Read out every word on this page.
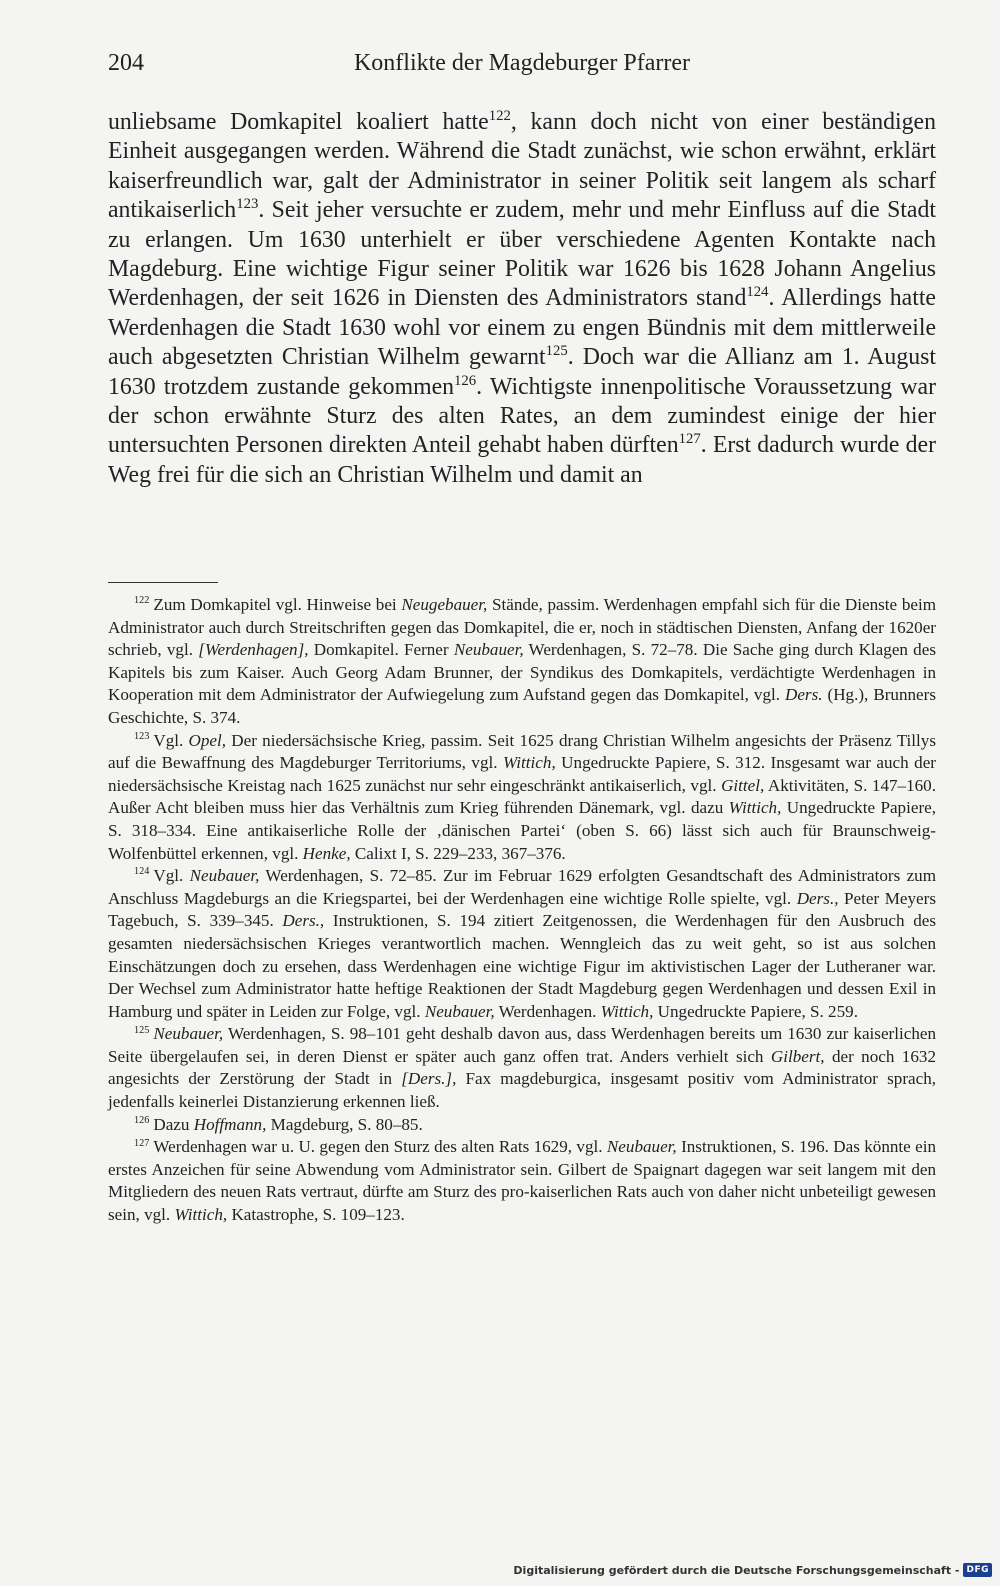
204	Konflikte der Magdeburger Pfarrer

unliebsame Domkapitel koaliert hatte$^{122}$, kann doch nicht von einer beständigen Einheit ausgegangen werden. Während die Stadt zunächst, wie schon erwähnt, erklärt kaiserfreundlich war, galt der Administrator in seiner Politik seit langem als scharf antikaiserlich$^{123}$. Seit jeher versuchte er zudem, mehr und mehr Einfluss auf die Stadt zu erlangen. Um 1630 unterhielt er über verschiedene Agenten Kontakte nach Magdeburg. Eine wichtige Figur seiner Politik war 1626 bis 1628 Johann Angelius Werdenhagen, der seit 1626 in Diensten des Administrators stand$^{124}$. Allerdings hatte Werdenhagen die Stadt 1630 wohl vor einem zu engen Bündnis mit dem mittlerweile auch abgesetzten Christian Wilhelm gewarnt$^{125}$. Doch war die Allianz am 1. August 1630 trotzdem zustande gekommen$^{126}$. Wichtigste innenpolitische Voraussetzung war der schon erwähnte Sturz des alten Rates, an dem zumindest einige der hier untersuchten Personen direkten Anteil gehabt haben dürften$^{127}$. Erst dadurch wurde der Weg frei für die sich an Christian Wilhelm und damit an

$^{122}$ Zum Domkapitel vgl. Hinweise bei Neugebauer, Stände, passim. Werdenhagen empfahl sich für die Dienste beim Administrator auch durch Streitschriften gegen das Domkapitel, die er, noch in städtischen Diensten, Anfang der 1620er schrieb, vgl. [Werdenhagen], Domkapitel. Ferner Neubauer, Werdenhagen, S. 72–78. Die Sache ging durch Klagen des Kapitels bis zum Kaiser. Auch Georg Adam Brunner, der Syndikus des Domkapitels, verdächtigte Werdenhagen in Kooperation mit dem Administrator der Aufwiegelung zum Aufstand gegen das Domkapitel, vgl. Ders. (Hg.), Brunners Geschichte, S. 374.

$^{123}$ Vgl. Opel, Der niedersächsische Krieg, passim. Seit 1625 drang Christian Wilhelm angesichts der Präsenz Tillys auf die Bewaffnung des Magdeburger Territoriums, vgl. Wittich, Ungedruckte Papiere, S. 312. Insgesamt war auch der niedersächsische Kreistag nach 1625 zunächst nur sehr eingeschränkt antikaiserlich, vgl. Gittel, Aktivitäten, S. 147–160. Außer Acht bleiben muss hier das Verhältnis zum Krieg führenden Dänemark, vgl. dazu Wittich, Ungedruckte Papiere, S. 318–334. Eine antikaiserliche Rolle der ‚dänischen Partei‘ (oben S. 66) lässt sich auch für Braunschweig-Wolfenbüttel erkennen, vgl. Henke, Calixt I, S. 229–233, 367–376.

$^{124}$ Vgl. Neubauer, Werdenhagen, S. 72–85. Zur im Februar 1629 erfolgten Gesandtschaft des Administrators zum Anschluss Magdeburgs an die Kriegspartei, bei der Werdenhagen eine wichtige Rolle spielte, vgl. Ders., Peter Meyers Tagebuch, S. 339–345. Ders., Instruktionen, S. 194 zitiert Zeitgenossen, die Werdenhagen für den Ausbruch des gesamten niedersächsischen Krieges verantwortlich machen. Wenngleich das zu weit geht, so ist aus solchen Einschätzungen doch zu ersehen, dass Werdenhagen eine wichtige Figur im aktivistischen Lager der Lutheraner war. Der Wechsel zum Administrator hatte heftige Reaktionen der Stadt Magdeburg gegen Werdenhagen und dessen Exil in Hamburg und später in Leiden zur Folge, vgl. Neubauer, Werdenhagen. Wittich, Ungedruckte Papiere, S. 259.

$^{125}$ Neubauer, Werdenhagen, S. 98–101 geht deshalb davon aus, dass Werdenhagen bereits um 1630 zur kaiserlichen Seite übergelaufen sei, in deren Dienst er später auch ganz offen trat. Anders verhielt sich Gilbert, der noch 1632 angesichts der Zerstörung der Stadt in [Ders.], Fax magdeburgica, insgesamt positiv vom Administrator sprach, jedenfalls keinerlei Distanzierung erkennen ließ.

$^{126}$ Dazu Hoffmann, Magdeburg, S. 80–85.

$^{127}$ Werdenhagen war u. U. gegen den Sturz des alten Rats 1629, vgl. Neubauer, Instruktionen, S. 196. Das könnte ein erstes Anzeichen für seine Abwendung vom Administrator sein. Gilbert de Spaignart dagegen war seit langem mit den Mitgliedern des neuen Rats vertraut, dürfte am Sturz des pro-kaiserlichen Rats auch von daher nicht unbeteiligt gewesen sein, vgl. Wittich, Katastrophe, S. 109–123.

Digitalisierung gefördert durch die Deutsche Forschungsgemeinschaft - DFG
